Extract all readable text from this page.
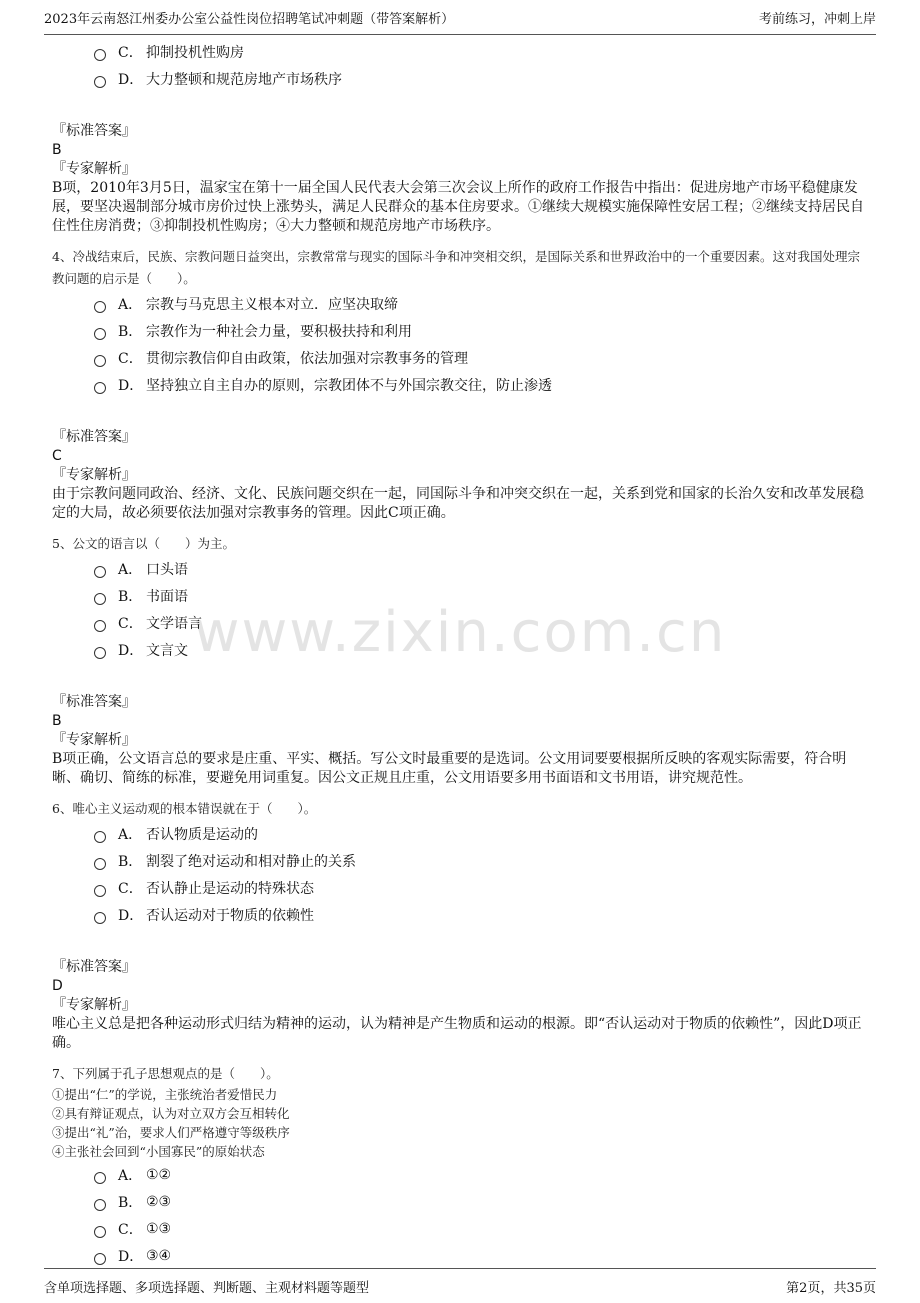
2023年云南怒江州委办公室公益性岗位招聘笔试冲刺题（带答案解析）	考前练习，冲刺上岸
www.zixin.com.cn
C． 抑制投机性购房
D． 大力整顿和规范房地产市场秩序
『标准答案』
B
『专家解析』
B项，2010年3月5日，温家宝在第十一届全国人民代表大会第三次会议上所作的政府工作报告中指出：促进房地产市场平稳健康发展，要坚决遏制部分城市房价过快上涨势头，满足人民群众的基本住房要求。①继续大规模实施保障性安居工程；②继续支持居民自住性住房消费；③抑制投机性购房；④大力整顿和规范房地产市场秩序。
4、冷战结束后，民族、宗教问题日益突出，宗教常常与现实的国际斗争和冲突相交织，是国际关系和世界政治中的一个重要因素。这对我国处理宗教问题的启示是（　　）。
A． 宗教与马克思主义根本对立．应坚决取缔
B． 宗教作为一种社会力量，要积极扶持和利用
C． 贯彻宗教信仰自由政策，依法加强对宗教事务的管理
D． 坚持独立自主自办的原则，宗教团体不与外国宗教交往，防止渗透
『标准答案』
C
『专家解析』
由于宗教问题同政治、经济、文化、民族问题交织在一起，同国际斗争和冲突交织在一起，关系到党和国家的长治久安和改革发展稳定的大局，故必须要依法加强对宗教事务的管理。因此C项正确。
5、公文的语言以（　　）为主。
A． 口头语
B． 书面语
C． 文学语言
D． 文言文
『标准答案』
B
『专家解析』
B项正确，公文语言总的要求是庄重、平实、概括。写公文时最重要的是选词。公文用词要要根据所反映的客观实际需要，符合明晰、确切、简练的标准，要避免用词重复。因公文正规且庄重，公文用语要多用书面语和文书用语，讲究规范性。
6、唯心主义运动观的根本错误就在于（　　）。
A． 否认物质是运动的
B． 割裂了绝对运动和相对静止的关系
C． 否认静止是运动的特殊状态
D． 否认运动对于物质的依赖性
『标准答案』
D
『专家解析』
唯心主义总是把各种运动形式归结为精神的运动，认为精神是产生物质和运动的根源。即“否认运动对于物质的依赖性”，因此D项正确。
7、下列属于孔子思想观点的是（　　）。
①提出“仁”的学说，主张统治者爱惜民力
②具有辩证观点，认为对立双方会互相转化
③提出“礼”治，要求人们严格遵守等级秩序
④主张社会回到“小国寡民”的原始状态
A． ①②
B． ②③
C． ①③
D． ③④
含单项选择题、多项选择题、判断题、主观材料题等题型	第2页，共35页
